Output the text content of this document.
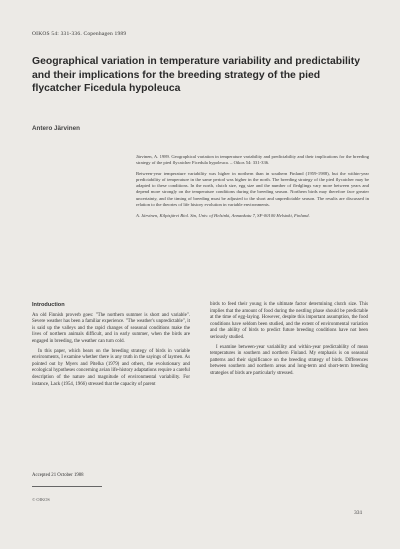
OIKOS 54: 331-336. Copenhagen 1989
Geographical variation in temperature variability and predictability and their implications for the breeding strategy of the pied flycatcher Ficedula hypoleuca
Antero Järvinen

Järvinen, A. 1989. Geographical variation in temperature variability and predictability and their implications for the breeding strategy of the pied flycatcher Ficedula hypoleuca. – Oikos 54: 331-336.

Between-year temperature variability was higher in northern than in southern Finland (1959-1988), but the within-year predictability of temperature in the same period was higher in the north. The breeding strategy of the pied flycatcher may be adapted to these conditions. In the north, clutch size, egg size and the number of fledglings vary more between years and depend more strongly on the temperature conditions during the breeding season. Northern birds may therefore face greater uncertainty, and the timing of breeding must be adjusted to the short and unpredictable season. The results are discussed in relation to the theories of life history evolution in variable environments.

A. Järvinen, Kilpisjärvi Biol. Stn, Univ. of Helsinki, Annankatu 7, SF-00100 Helsinki, Finland.

Introduction

An old Finnish proverb goes: "The northern summer is short and variable". Severe weather has been a familiar experience. "The weather's unpredictable", it is said up the valleys and the rapid changes of seasonal conditions make the lives of northern animals difficult, and in early summer, when the birds are engaged in breeding, the weather can turn cold.

In this paper, which bears on the breeding strategy of birds in variable environments, I examine whether there is any truth in the sayings of laymen. As pointed out by Myers and Pitelka (1979) and others, the evolutionary and ecological hypotheses concerning avian life-history adaptations require a careful description of the nature and magnitude of environmental variability. For instance, Lack (1954, 1966) stressed that the capacity of parent

birds to feed their young is the ultimate factor determining clutch size. This implies that the amount of food during the nestling phase should be predictable at the time of egg-laying. However, despite this important assumption, the food conditions have seldom been studied, and the extent of environmental variation and the ability of birds to predict future breeding conditions have not been seriously studied.

I examine between-year variability and within-year predictability of mean temperatures in southern and northern Finland. My emphasis is on seasonal patterns and their significance on the breeding strategy of birds. Differences between southern and northern areas and long-term and short-term breeding strategies of birds are particularly stressed.

Accepted 21 October 1988
© OIKOS
331
